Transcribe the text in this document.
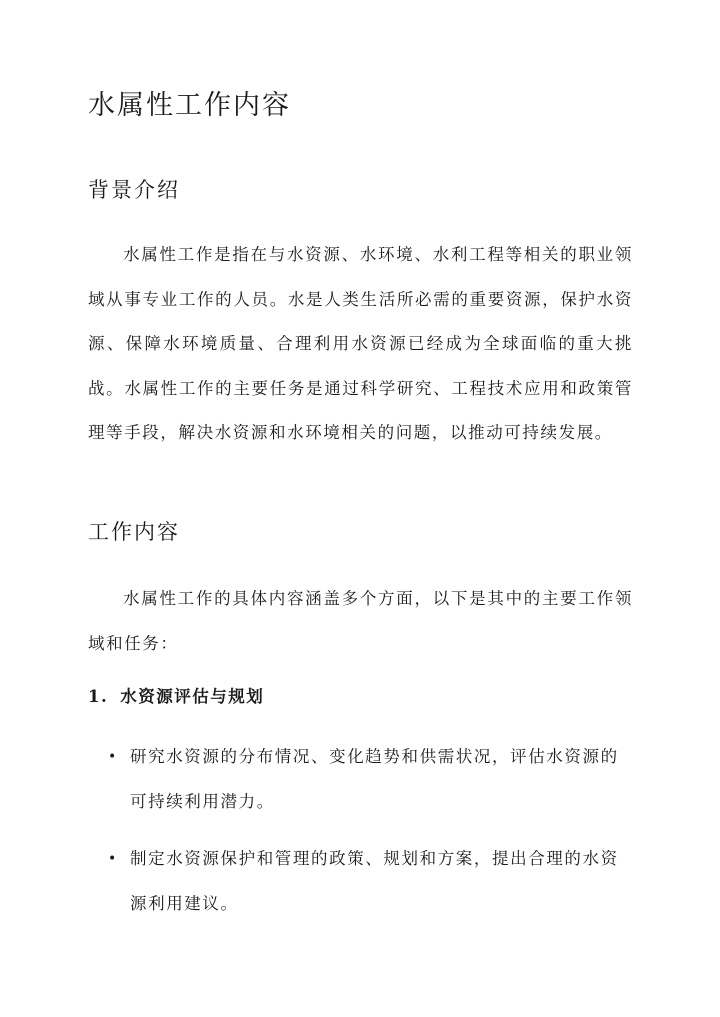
水属性工作内容
背景介绍

水属性工作是指在与水资源、水环境、水利工程等相关的职业领域从事专业工作的人员。水是人类生活所必需的重要资源，保护水资源、保障水环境质量、合理利用水资源已经成为全球面临的重大挑战。水属性工作的主要任务是通过科学研究、工程技术应用和政策管理等手段，解决水资源和水环境相关的问题，以推动可持续发展。

工作内容

水属性工作的具体内容涵盖多个方面，以下是其中的主要工作领域和任务：

1. 水资源评估与规划
• 研究水资源的分布情况、变化趋势和供需状况，评估水资源的可持续利用潜力。
• 制定水资源保护和管理的政策、规划和方案，提出合理的水资源利用建议。
